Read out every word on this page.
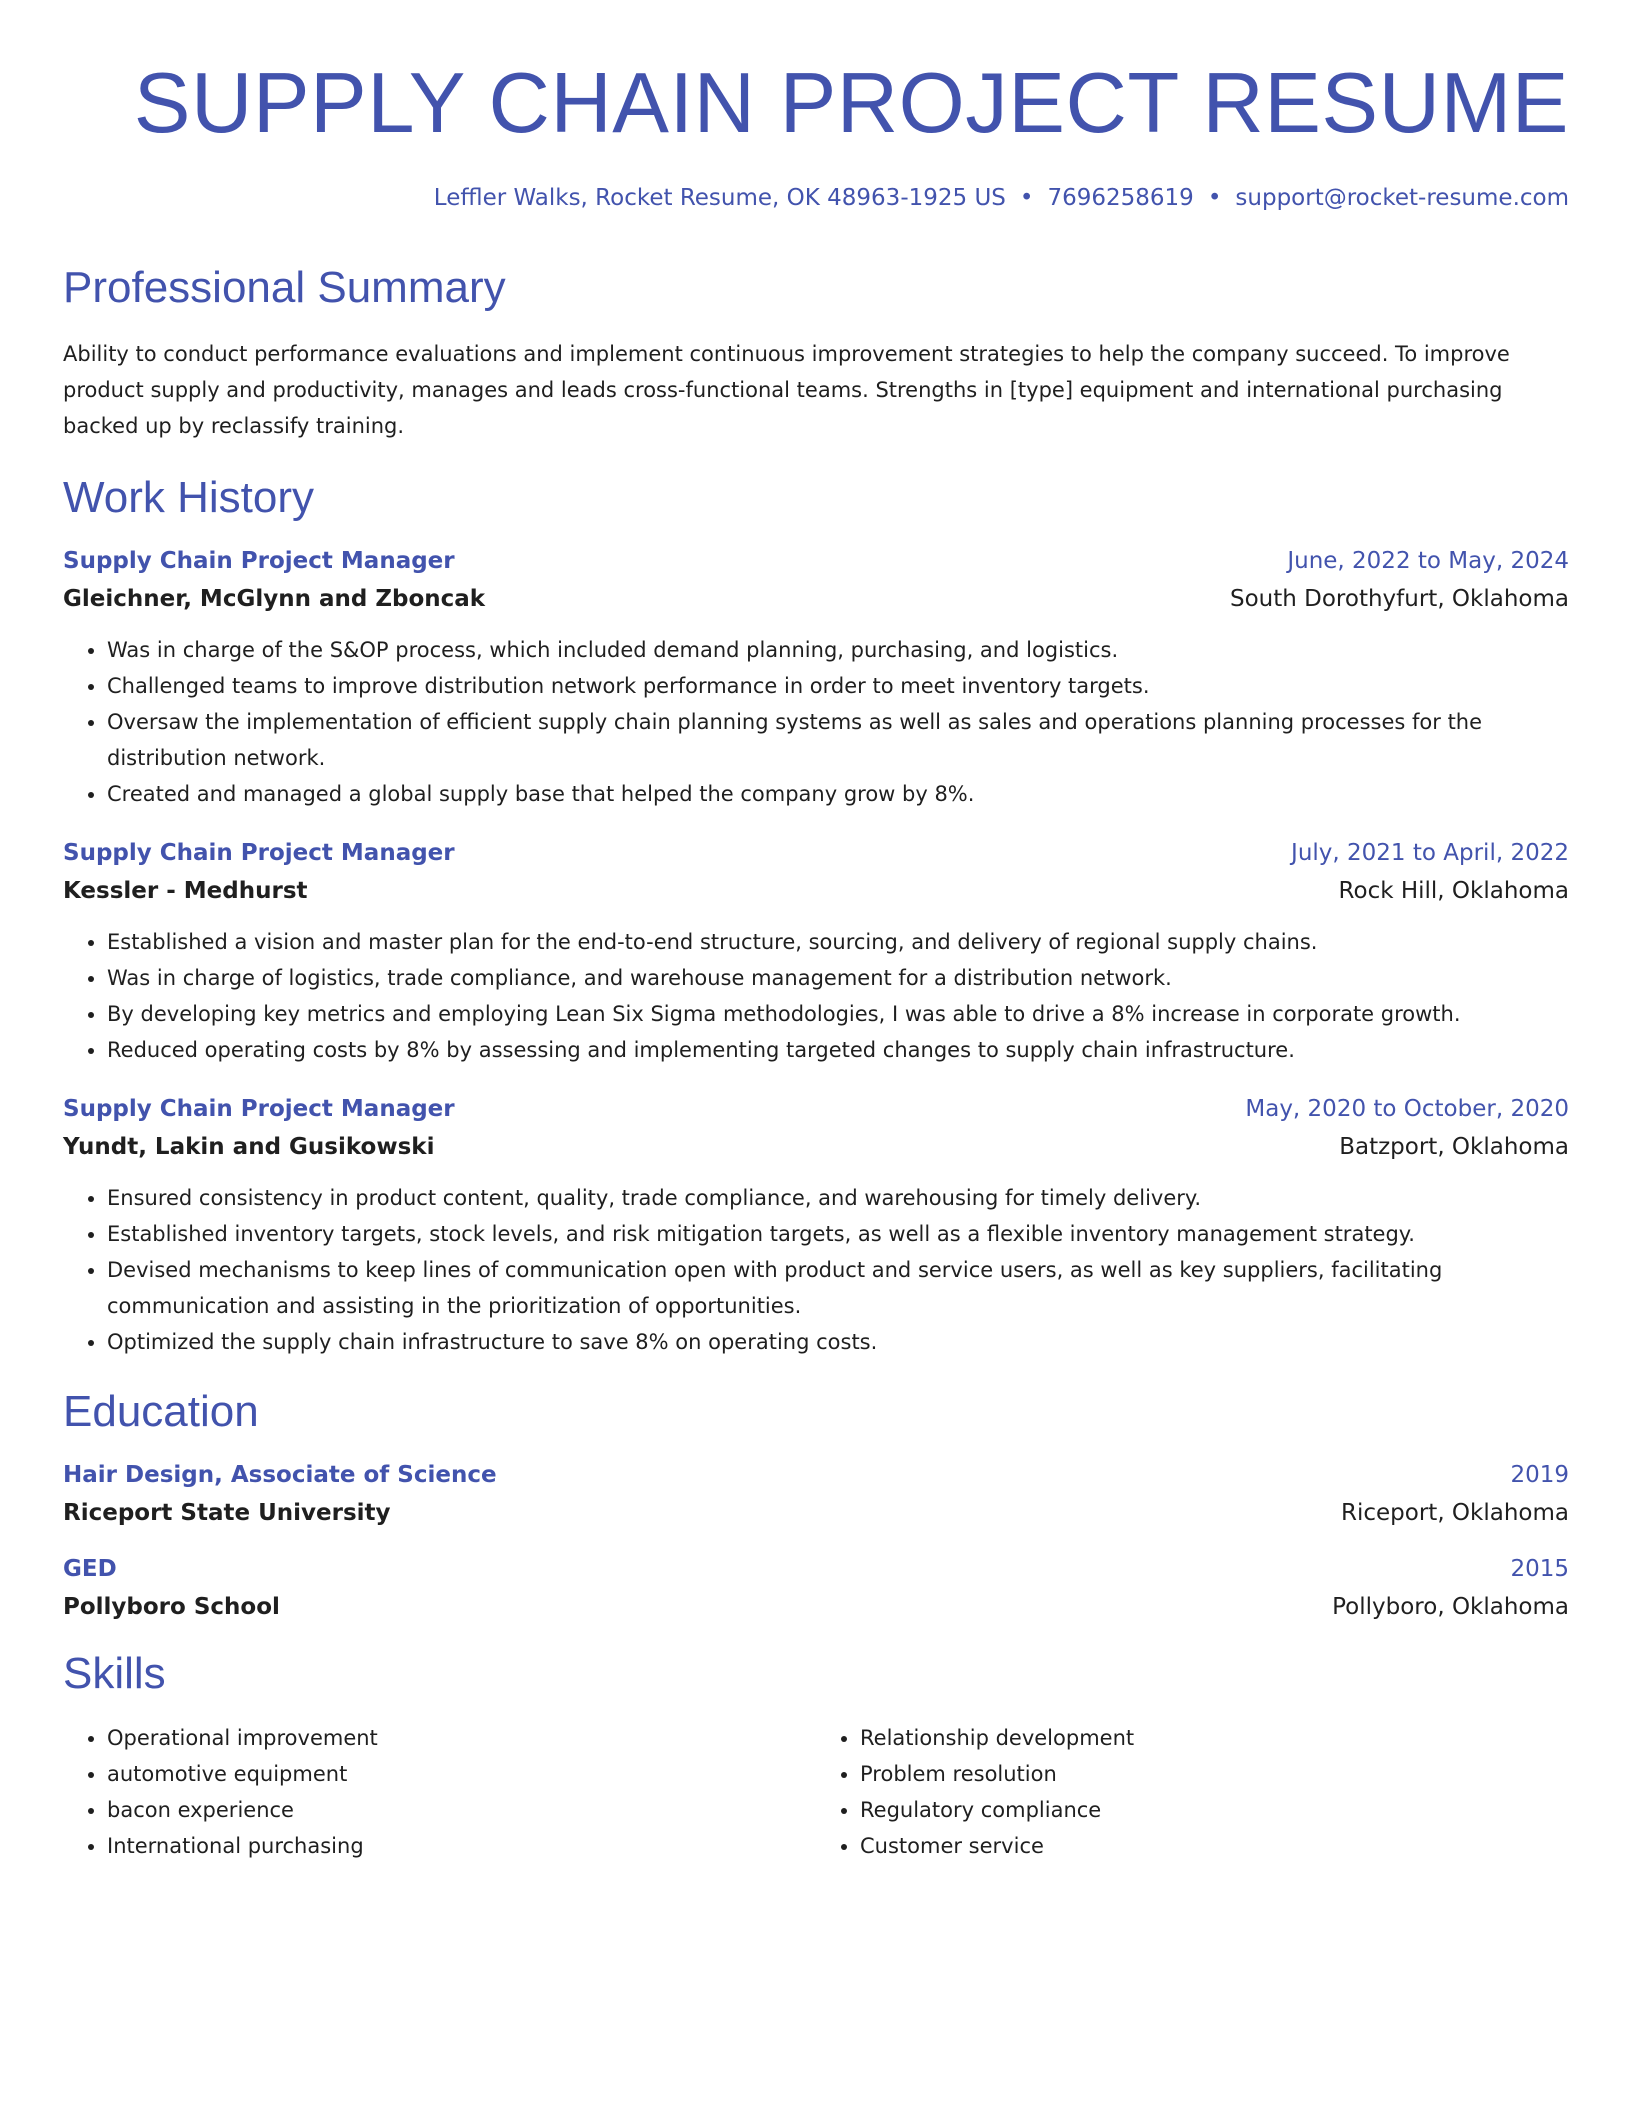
SUPPLY CHAIN PROJECT RESUME
Leffler Walks, Rocket Resume, OK 48963-1925 US • 7696258619 • support@rocket-resume.com
Professional Summary
Ability to conduct performance evaluations and implement continuous improvement strategies to help the company succeed. To improve product supply and productivity, manages and leads cross-functional teams. Strengths in [type] equipment and international purchasing backed up by reclassify training.
Work History
Supply Chain Project Manager	June, 2022 to May, 2024
Gleichner, McGlynn and Zboncak	South Dorothyfurt, Oklahoma
• Was in charge of the S&OP process, which included demand planning, purchasing, and logistics.
• Challenged teams to improve distribution network performance in order to meet inventory targets.
• Oversaw the implementation of efficient supply chain planning systems as well as sales and operations planning processes for the distribution network.
• Created and managed a global supply base that helped the company grow by 8%.
Supply Chain Project Manager	July, 2021 to April, 2022
Kessler - Medhurst	Rock Hill, Oklahoma
• Established a vision and master plan for the end-to-end structure, sourcing, and delivery of regional supply chains.
• Was in charge of logistics, trade compliance, and warehouse management for a distribution network.
• By developing key metrics and employing Lean Six Sigma methodologies, I was able to drive a 8% increase in corporate growth.
• Reduced operating costs by 8% by assessing and implementing targeted changes to supply chain infrastructure.
Supply Chain Project Manager	May, 2020 to October, 2020
Yundt, Lakin and Gusikowski	Batzport, Oklahoma
• Ensured consistency in product content, quality, trade compliance, and warehousing for timely delivery.
• Established inventory targets, stock levels, and risk mitigation targets, as well as a flexible inventory management strategy.
• Devised mechanisms to keep lines of communication open with product and service users, as well as key suppliers, facilitating communication and assisting in the prioritization of opportunities.
• Optimized the supply chain infrastructure to save 8% on operating costs.
Education
Hair Design, Associate of Science	2019
Riceport State University	Riceport, Oklahoma
GED	2015
Pollyboro School	Pollyboro, Oklahoma
Skills
• Operational improvement
• automotive equipment
• bacon experience
• International purchasing
• Relationship development
• Problem resolution
• Regulatory compliance
• Customer service
